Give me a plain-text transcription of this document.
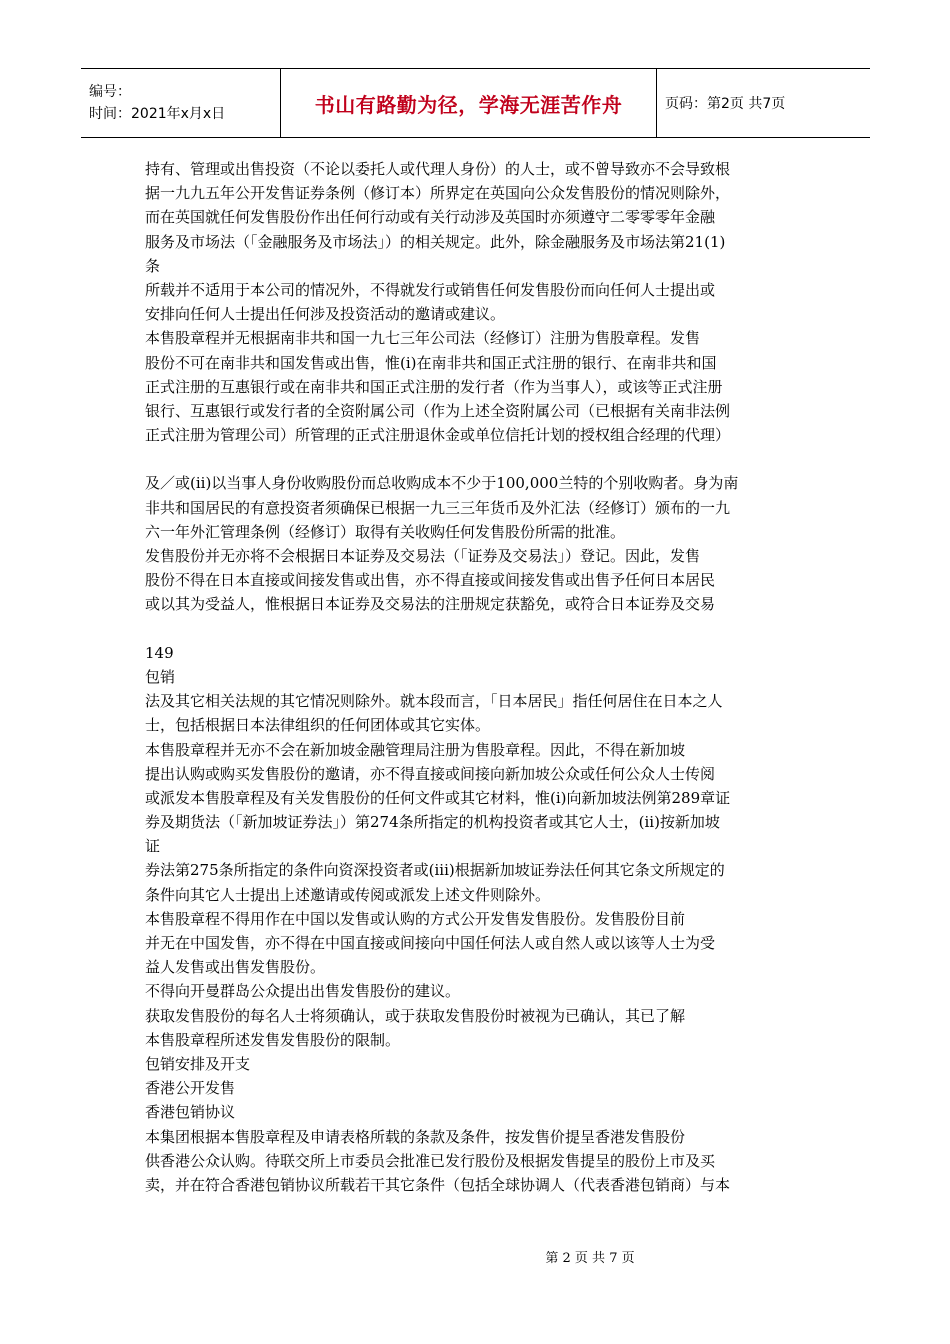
编号：
时间：2021年x月x日	书山有路勤为径，学海无涯苦作舟	页码：第2页 共7页
持有、管理或出售投资（不论以委托人或代理人身份）的人士，或不曾导致亦不会导致根
据一九九五年公开发售证券条例（修订本）所界定在英国向公众发售股份的情况则除外，
而在英国就任何发售股份作出任何行动或有关行动涉及英国时亦须遵守二零零零年金融
服务及市场法（「金融服务及市场法」）的相关规定。此外，除金融服务及市场法第21(1)
条
所载并不适用于本公司的情况外，不得就发行或销售任何发售股份而向任何人士提出或
安排向任何人士提出任何涉及投资活动的邀请或建议。
本售股章程并无根据南非共和国一九七三年公司法（经修订）注册为售股章程。发售
股份不可在南非共和国发售或出售，惟(i)在南非共和国正式注册的银行、在南非共和国
正式注册的互惠银行或在南非共和国正式注册的发行者（作为当事人），或该等正式注册
银行、互惠银行或发行者的全资附属公司（作为上述全资附属公司（已根据有关南非法例
正式注册为管理公司）所管理的正式注册退休金或单位信托计划的授权组合经理的代理）
及／或(ii)以当事人身份收购股份而总收购成本不少于100,000兰特的个别收购者。身为南
非共和国居民的有意投资者须确保已根据一九三三年货币及外汇法（经修订）颁布的一九
六一年外汇管理条例（经修订）取得有关收购任何发售股份所需的批准。
发售股份并无亦将不会根据日本证券及交易法（「证券及交易法」）登记。因此，发售
股份不得在日本直接或间接发售或出售，亦不得直接或间接发售或出售予任何日本居民
或以其为受益人，惟根据日本证券及交易法的注册规定获豁免，或符合日本证券及交易
149
包销
法及其它相关法规的其它情况则除外。就本段而言，「日本居民」指任何居住在日本之人
士，包括根据日本法律组织的任何团体或其它实体。
本售股章程并无亦不会在新加坡金融管理局注册为售股章程。因此，不得在新加坡
提出认购或购买发售股份的邀请，亦不得直接或间接向新加坡公众或任何公众人士传阅
或派发本售股章程及有关发售股份的任何文件或其它材料，惟(i)向新加坡法例第289章证
券及期货法（「新加坡证券法」）第274条所指定的机构投资者或其它人士，(ii)按新加坡
证
券法第275条所指定的条件向资深投资者或(iii)根据新加坡证券法任何其它条文所规定的
条件向其它人士提出上述邀请或传阅或派发上述文件则除外。
本售股章程不得用作在中国以发售或认购的方式公开发售发售股份。发售股份目前
并无在中国发售，亦不得在中国直接或间接向中国任何法人或自然人或以该等人士为受
益人发售或出售发售股份。
不得向开曼群岛公众提出出售发售股份的建议。
获取发售股份的每名人士将须确认，或于获取发售股份时被视为已确认，其已了解
本售股章程所述发售发售股份的限制。
包销安排及开支
香港公开发售
香港包销协议
本集团根据本售股章程及申请表格所载的条款及条件，按发售价提呈香港发售股份
供香港公众认购。待联交所上市委员会批准已发行股份及根据发售提呈的股份上市及买
卖，并在符合香港包销协议所载若干其它条件（包括全球协调人（代表香港包销商）与本
第 2 页 共 7 页
